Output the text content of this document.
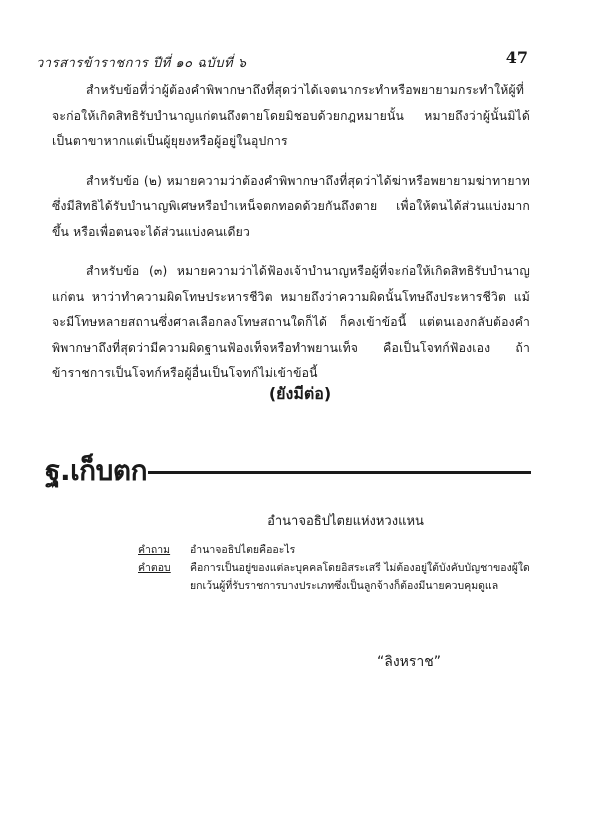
วารสารข้าราชการ ปีที่ ๑๐ ฉบับที่ ๖	47

สำหรับข้อที่ว่าผู้ต้องคำพิพากษาถึงที่สุดว่าได้เจตนากระทำหรือพยายามกระทำให้ผู้ที่จะก่อให้เกิดสิทธิรับบำนาญแก่ตนถึงตายโดยมิชอบด้วยกฎหมายนั้น หมายถึงว่าผู้นั้นมิได้เป็นตาขาหากแต่เป็นผู้ยุยงหรือผู้อยู่ในอุปการ

สำหรับข้อ (๒) หมายความว่าต้องคำพิพากษาถึงที่สุดว่าได้ฆ่าหรือพยายามฆ่าทายาทซึ่งมีสิทธิได้รับบำนาญพิเศษหรือบำเหน็จตกทอดด้วยกันถึงตาย เพื่อให้ตนได้ส่วนแบ่งมากขึ้น หรือเพื่อตนจะได้ส่วนแบ่งคนเดียว

สำหรับข้อ (๓) หมายความว่าได้ฟ้องเจ้าบำนาญหรือผู้ที่จะก่อให้เกิดสิทธิรับบำนาญแก่ตน หาว่าทำความผิดโทษประหารชีวิต หมายถึงว่าความผิดนั้นโทษถึงประหารชีวิต แม้จะมีโทษหลายสถานซึ่งศาลเลือกลงโทษสถานใดก็ได้ ก็คงเข้าข้อนี้ แต่ตนเองกลับต้องคำพิพากษาถึงที่สุดว่ามีความผิดฐานฟ้องเท็จหรือทำพยานเท็จ คือเป็นโจทก์ฟ้องเอง ถ้าข้าราชการเป็นโจทก์หรือผู้อื่นเป็นโจทก์ไม่เข้าข้อนี้

(ยังมีต่อ)
ฐ.เก็บตก
อำนาจอธิปไตยแห่งหวงแหน
คำถาม	อำนาจอธิปไตยคืออะไร
คำตอบ	คือการเป็นอยู่ของแต่ละบุคคลโดยอิสระเสรี ไม่ต้องอยู่ใต้บังคับบัญชาของผู้ใด
ยกเว้นผู้ที่รับราชการบางประเภทซึ่งเป็นลูกจ้างก็ต้องมีนายควบคุมดูแล
“ลิงหราช”
